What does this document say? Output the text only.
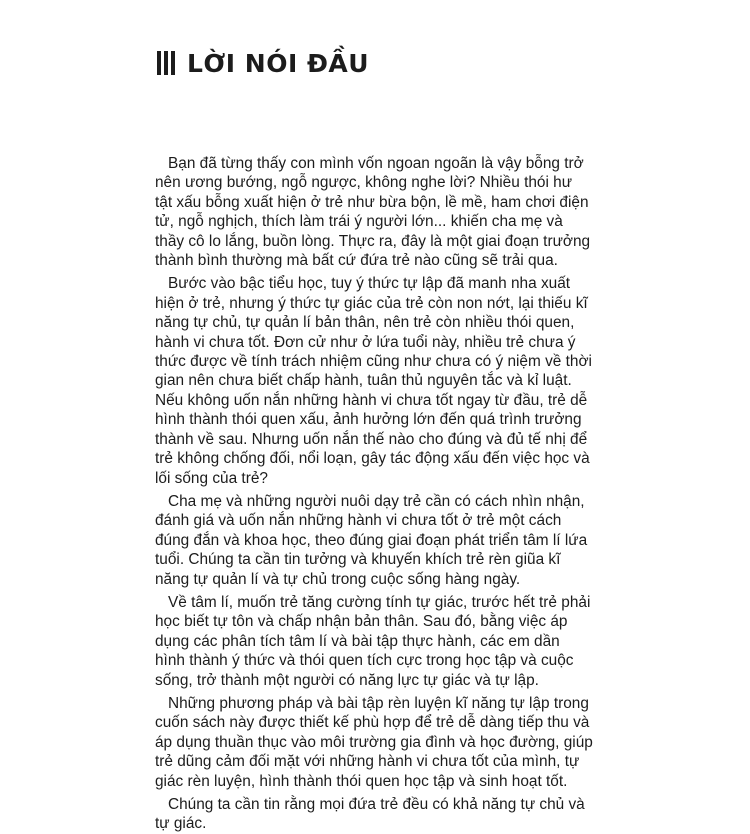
LỜI NÓI ĐẦU

Bạn đã từng thấy con mình vốn ngoan ngoãn là vậy bỗng trở nên ương bướng, ngỗ ngược, không nghe lời? Nhiều thói hư tật xấu bỗng xuất hiện ở trẻ như bừa bộn, lề mề, ham chơi điện tử, ngỗ nghịch, thích làm trái ý người lớn... khiến cha mẹ và thầy cô lo lắng, buồn lòng. Thực ra, đây là một giai đoạn trưởng thành bình thường mà bất cứ đứa trẻ nào cũng sẽ trải qua.

Bước vào bậc tiểu học, tuy ý thức tự lập đã manh nha xuất hiện ở trẻ, nhưng ý thức tự giác của trẻ còn non nớt, lại thiếu kĩ năng tự chủ, tự quản lí bản thân, nên trẻ còn nhiều thói quen, hành vi chưa tốt. Đơn cử như ở lứa tuổi này, nhiều trẻ chưa ý thức được về tính trách nhiệm cũng như chưa có ý niệm về thời gian nên chưa biết chấp hành, tuân thủ nguyên tắc và kỉ luật. Nếu không uốn nắn những hành vi chưa tốt ngay từ đầu, trẻ dễ hình thành thói quen xấu, ảnh hưởng lớn đến quá trình trưởng thành về sau. Nhưng uốn nắn thế nào cho đúng và đủ tế nhị để trẻ không chống đối, nổi loạn, gây tác động xấu đến việc học và lối sống của trẻ?

Cha mẹ và những người nuôi dạy trẻ cần có cách nhìn nhận, đánh giá và uốn nắn những hành vi chưa tốt ở trẻ một cách đúng đắn và khoa học, theo đúng giai đoạn phát triển tâm lí lứa tuổi. Chúng ta cần tin tưởng và khuyến khích trẻ rèn giũa kĩ năng tự quản lí và tự chủ trong cuộc sống hàng ngày.

Về tâm lí, muốn trẻ tăng cường tính tự giác, trước hết trẻ phải học biết tự tôn và chấp nhận bản thân. Sau đó, bằng việc áp dụng các phân tích tâm lí và bài tập thực hành, các em dần hình thành ý thức và thói quen tích cực trong học tập và cuộc sống, trở thành một người có năng lực tự giác và tự lập.

Những phương pháp và bài tập rèn luyện kĩ năng tự lập trong cuốn sách này được thiết kế phù hợp để trẻ dễ dàng tiếp thu và áp dụng thuần thục vào môi trường gia đình và học đường, giúp trẻ dũng cảm đối mặt với những hành vi chưa tốt của mình, tự giác rèn luyện, hình thành thói quen học tập và sinh hoạt tốt.

Chúng ta cần tin rằng mọi đứa trẻ đều có khả năng tự chủ và tự giác.
